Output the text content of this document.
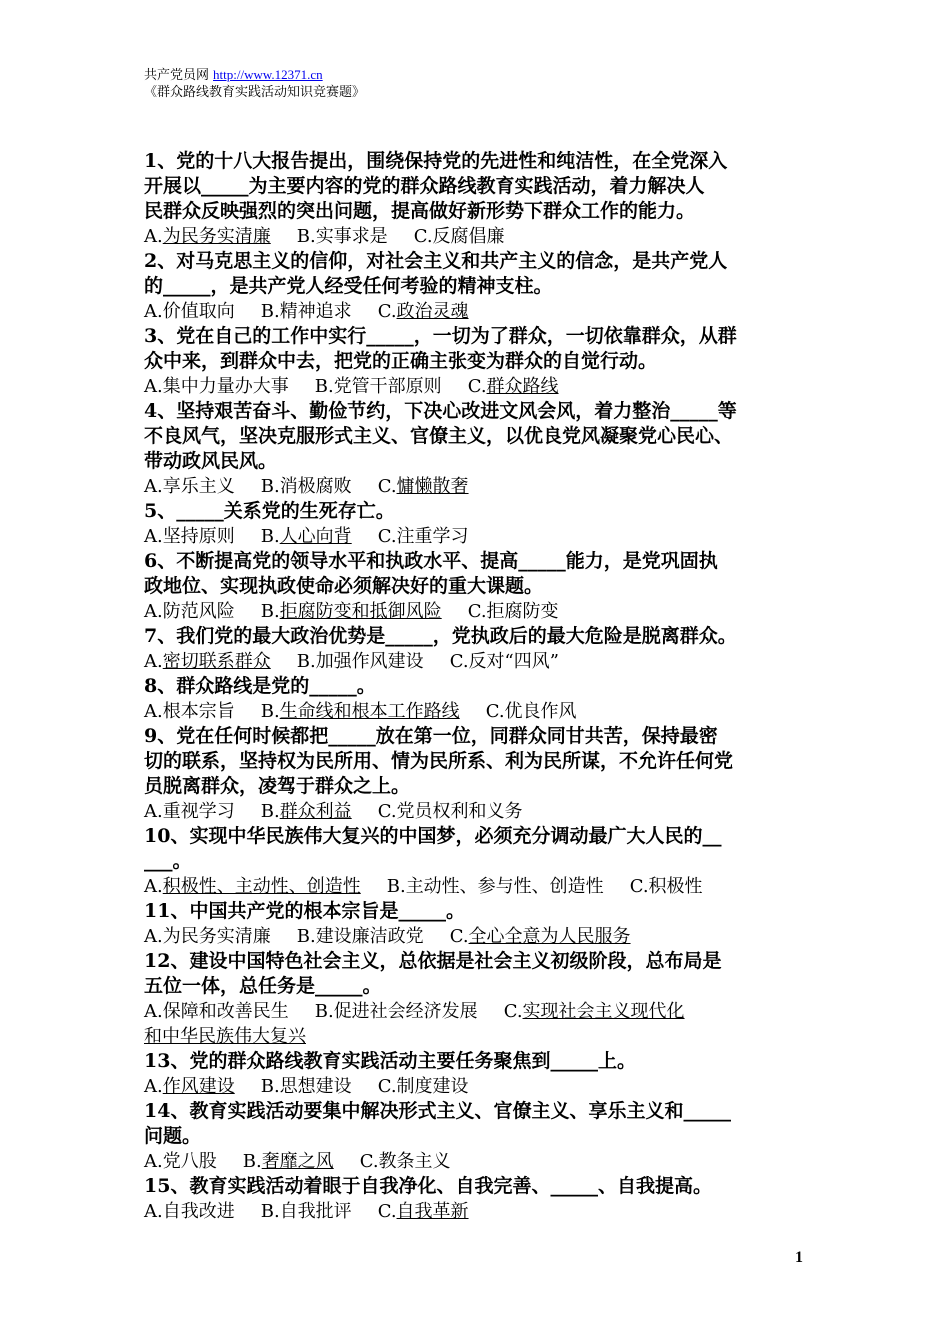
共产党员网 http://www.12371.cn
《群众路线教育实践活动知识竞赛题》

1、党的十八大报告提出，围绕保持党的先进性和纯洁性，在全党深入

开展以_____为主要内容的党的群众路线教育实践活动，着力解决人

民群众反映强烈的突出问题，提高做好新形势下群众工作的能力。

A.为民务实清廉 B.实事求是 C.反腐倡廉

2、对马克思主义的信仰，对社会主义和共产主义的信念，是共产党人

的_____，是共产党人经受任何考验的精神支柱。

A.价值取向 B.精神追求 C.政治灵魂

3、党在自己的工作中实行_____，一切为了群众，一切依靠群众，从群

众中来，到群众中去，把党的正确主张变为群众的自觉行动。

A.集中力量办大事 B.党管干部原则 C.群众路线

4、坚持艰苦奋斗、勤俭节约，下决心改进文风会风，着力整治_____等

不良风气，坚决克服形式主义、官僚主义，以优良党风凝聚党心民心、

带动政风民风。

A.享乐主义 B.消极腐败 C.慵懒散奢

5、_____关系党的生死存亡。

A.坚持原则 B.人心向背 C.注重学习

6、不断提高党的领导水平和执政水平、提高_____能力，是党巩固执

政地位、实现执政使命必须解决好的重大课题。

A.防范风险 B.拒腐防变和抵御风险 C.拒腐防变

7、我们党的最大政治优势是_____，党执政后的最大危险是脱离群众。

A.密切联系群众 B.加强作风建设 C.反对“四风”

8、群众路线是党的_____。

A.根本宗旨 B.生命线和根本工作路线 C.优良作风

9、党在任何时候都把_____放在第一位，同群众同甘共苦，保持最密

切的联系，坚持权为民所用、情为民所系、利为民所谋，不允许任何党

员脱离群众，凌驾于群众之上。

A.重视学习 B.群众利益 C.党员权利和义务

10、实现中华民族伟大复兴的中国梦，必须充分调动最广大人民的__

___。

A.积极性、主动性、创造性 B.主动性、参与性、创造性 C.积极性

11、中国共产党的根本宗旨是_____。

A.为民务实清廉 B.建设廉洁政党 C.全心全意为人民服务

12、建设中国特色社会主义，总依据是社会主义初级阶段，总布局是

五位一体，总任务是_____。

A.保障和改善民生 B.促进社会经济发展 C.实现社会主义现代化

和中华民族伟大复兴

13、党的群众路线教育实践活动主要任务聚焦到_____上。

A.作风建设 B.思想建设 C.制度建设

14、教育实践活动要集中解决形式主义、官僚主义、享乐主义和_____

问题。

A.党八股 B.奢靡之风 C.教条主义

15、教育实践活动着眼于自我净化、自我完善、_____、自我提高。

A.自我改进 B.自我批评 C.自我革新

1
